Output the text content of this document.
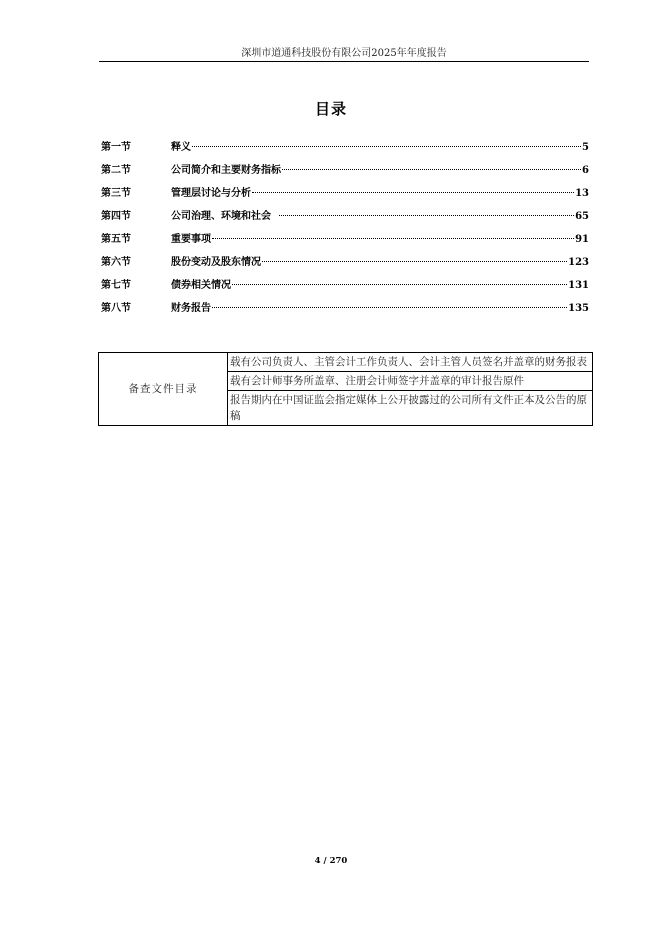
深圳市道通科技股份有限公司2025年年度报告
目录
第一节	释义	5
第二节	公司简介和主要财务指标	6
第三节	管理层讨论与分析	13
第四节	公司治理、环境和社会	65
第五节	重要事项	91
第六节	股份变动及股东情况	123
第七节	债券相关情况	131
第八节	财务报告	135
备查文件目录	载有公司负责人、主管会计工作负责人、会计主管人员签名并盖章的财务报表
载有会计师事务所盖章、注册会计师签字并盖章的审计报告原件
报告期内在中国证监会指定媒体上公开披露过的公司所有文件正本及公告的原稿
4 / 270
